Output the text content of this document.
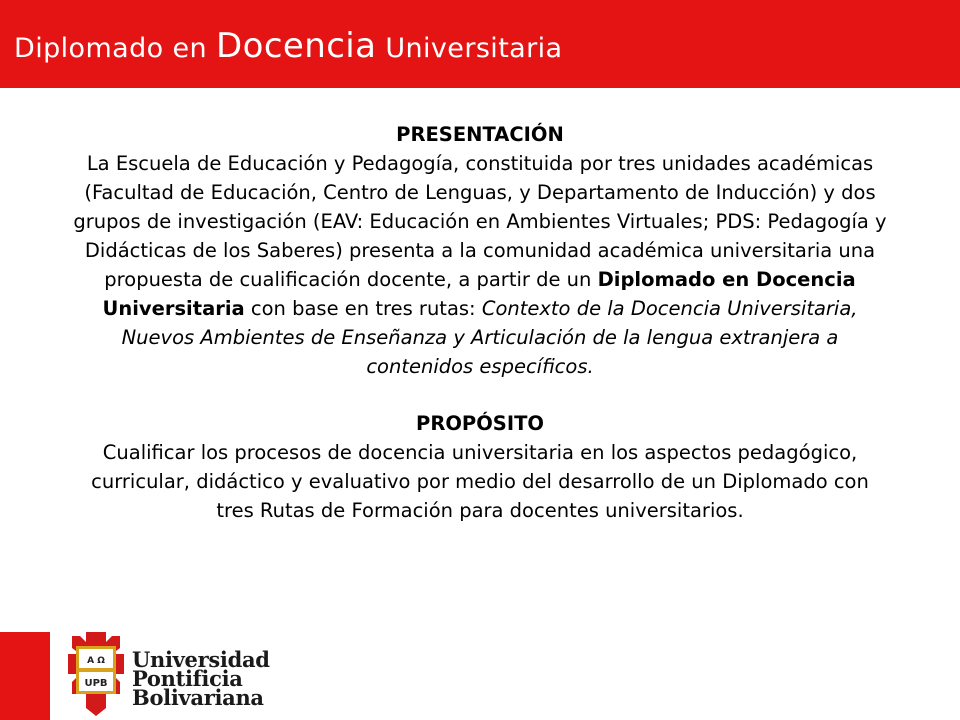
Diplomado en Docencia Universitaria
PRESENTACIÓN
La Escuela de Educación y Pedagogía, constituida por tres unidades académicas (Facultad de Educación, Centro de Lenguas, y Departamento de Inducción) y dos grupos de investigación (EAV: Educación en Ambientes Virtuales; PDS: Pedagogía y Didácticas de los Saberes) presenta a la comunidad académica universitaria una propuesta de cualificación docente, a partir de un Diplomado en Docencia Universitaria con base en tres rutas: Contexto de la Docencia Universitaria, Nuevos Ambientes de Enseñanza y Articulación de la lengua extranjera a contenidos específicos.
PROPÓSITO
Cualificar los procesos de docencia universitaria en los aspectos pedagógico, curricular, didáctico y evaluativo por medio del desarrollo de un Diplomado con tres Rutas de Formación para docentes universitarios.
A Ω
UPB
Universidad
Pontificia
Bolivariana
